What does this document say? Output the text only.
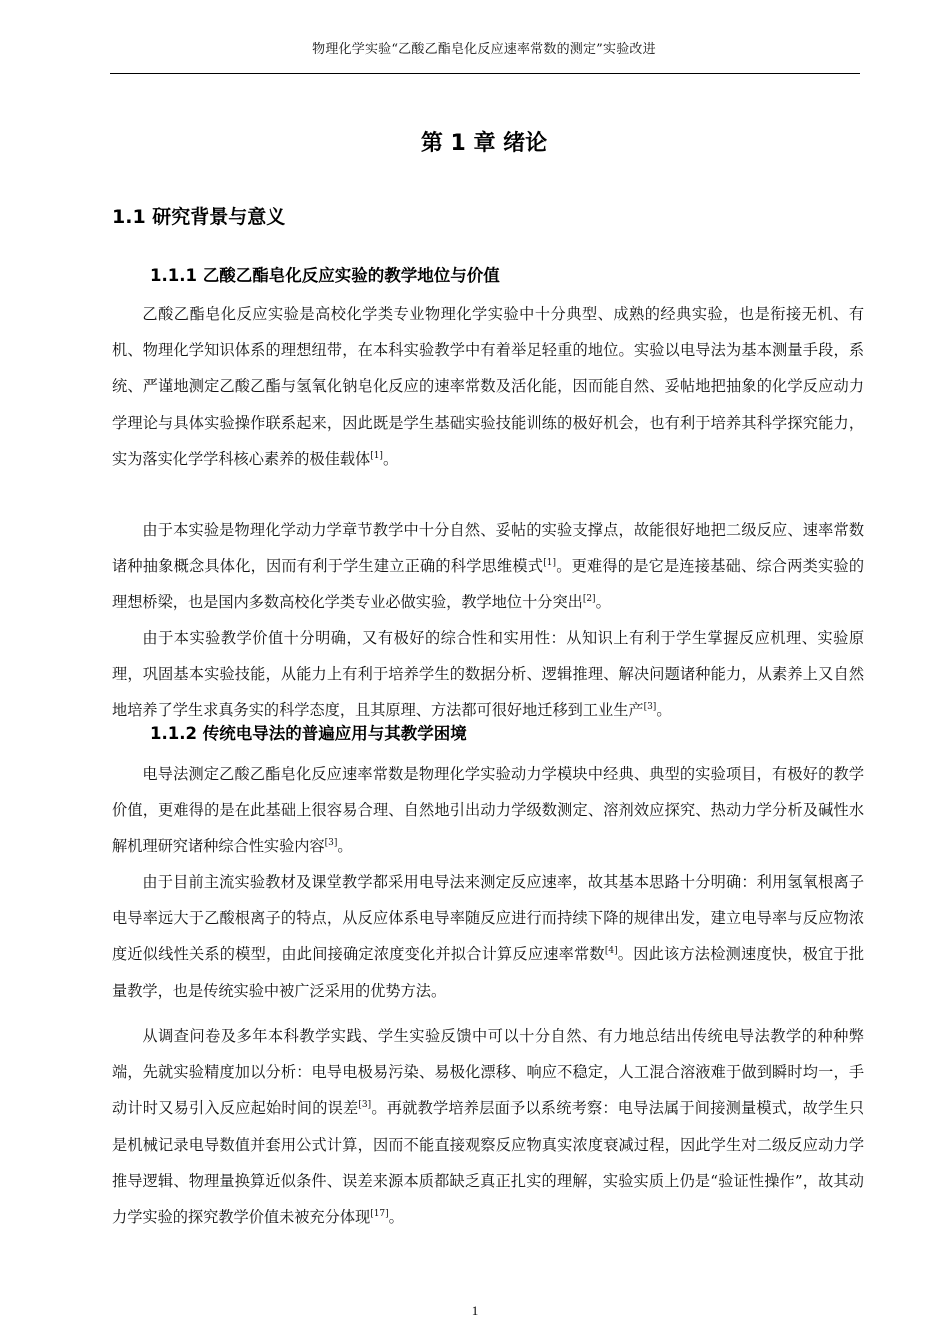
物理化学实验“乙酸乙酯皂化反应速率常数的测定”实验改进
第 1 章 绪论
1.1 研究背景与意义
1.1.1 乙酸乙酯皂化反应实验的教学地位与价值

乙酸乙酯皂化反应实验是高校化学类专业物理化学实验中十分典型、成熟的经典实验，也是衔接无机、有机、物理化学知识体系的理想纽带，在本科实验教学中有着举足轻重的地位。实验以电导法为基本测量手段，系统、严谨地测定乙酸乙酯与氢氧化钠皂化反应的速率常数及活化能，因而能自然、妥帖地把抽象的化学反应动力学理论与具体实验操作联系起来，因此既是学生基础实验技能训练的极好机会，也有利于培养其科学探究能力，实为落实化学学科核心素养的极佳载体[1]。

由于本实验是物理化学动力学章节教学中十分自然、妥帖的实验支撑点，故能很好地把二级反应、速率常数诸种抽象概念具体化，因而有利于学生建立正确的科学思维模式[1]。更难得的是它是连接基础、综合两类实验的理想桥梁，也是国内多数高校化学类专业必做实验，教学地位十分突出[2]。

由于本实验教学价值十分明确，又有极好的综合性和实用性：从知识上有利于学生掌握反应机理、实验原理，巩固基本实验技能，从能力上有利于培养学生的数据分析、逻辑推理、解决问题诸种能力，从素养上又自然地培养了学生求真务实的科学态度，且其原理、方法都可很好地迁移到工业生产[3]。

1.1.2 传统电导法的普遍应用与其教学困境

电导法测定乙酸乙酯皂化反应速率常数是物理化学实验动力学模块中经典、典型的实验项目，有极好的教学价值，更难得的是在此基础上很容易合理、自然地引出动力学级数测定、溶剂效应探究、热动力学分析及碱性水解机理研究诸种综合性实验内容[3]。

由于目前主流实验教材及课堂教学都采用电导法来测定反应速率，故其基本思路十分明确：利用氢氧根离子电导率远大于乙酸根离子的特点，从反应体系电导率随反应进行而持续下降的规律出发，建立电导率与反应物浓度近似线性关系的模型，由此间接确定浓度变化并拟合计算反应速率常数[4]。因此该方法检测速度快，极宜于批量教学，也是传统实验中被广泛采用的优势方法。

从调查问卷及多年本科教学实践、学生实验反馈中可以十分自然、有力地总结出传统电导法教学的种种弊端，先就实验精度加以分析：电导电极易污染、易极化漂移、响应不稳定，人工混合溶液难于做到瞬时均一，手动计时又易引入反应起始时间的误差[3]。再就教学培养层面予以系统考察：电导法属于间接测量模式，故学生只是机械记录电导数值并套用公式计算，因而不能直接观察反应物真实浓度衰减过程，因此学生对二级反应动力学推导逻辑、物理量换算近似条件、误差来源本质都缺乏真正扎实的理解，实验实质上仍是“验证性操作”，故其动力学实验的探究教学价值未被充分体现[17]。

1
